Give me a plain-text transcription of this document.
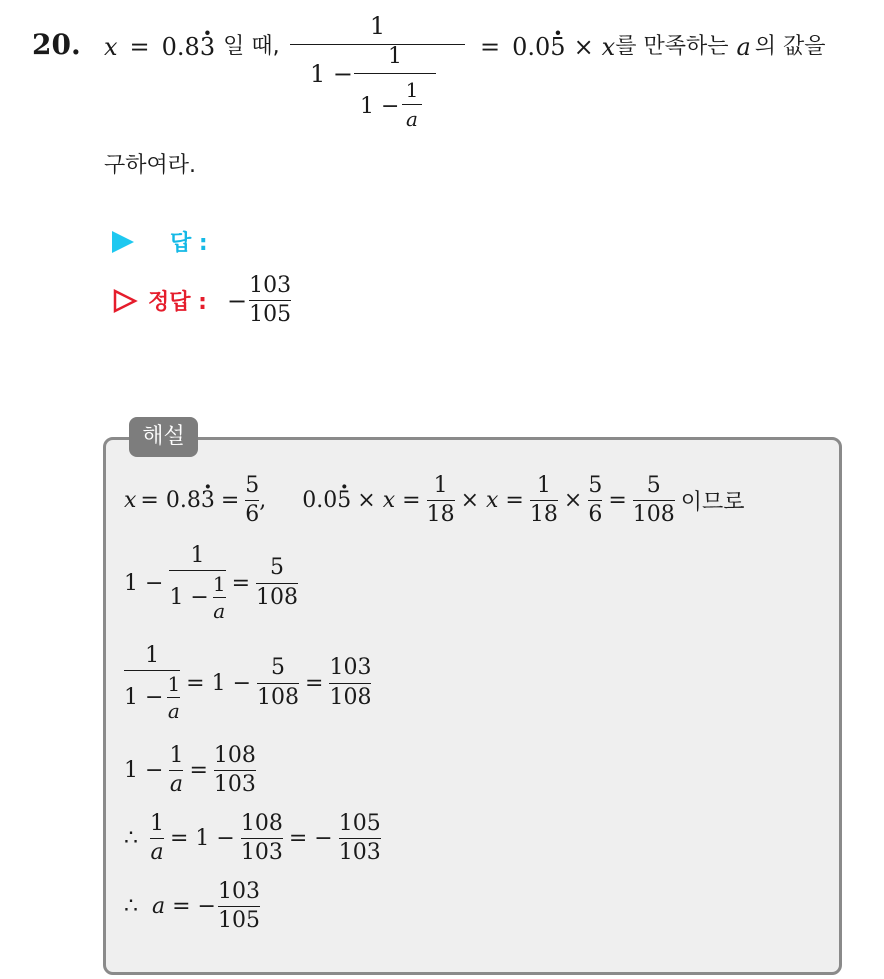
20. x = 0.8
· 3 일 때,
1
1 −
1
1 −
1
a
= 0.0
· 5 × x 를 만족하는 a 의 값을
구하여라.
답 :
정답 : − $\frac{103}{105}$
해설
x = 0.8
· $3 = \frac{5}{6}$ , 0.0
· $5 \times x = \frac{1}{18} \times x = \frac{1}{18} \times \frac{5}{6} = \frac{5}{108}$ 이므로
$1 - \frac{1}{1 - \frac{1}{a}} = \frac{5}{108}$
$\frac{1}{1 - \frac{1}{a}} = 1 - \frac{5}{108} = \frac{103}{108}$
$1 - \frac{1}{a} = \frac{108}{103}$
∴ $\frac{1}{a} = 1 - \frac{108}{103}$ = − $\frac{105}{103}$
∴ a = − $\frac{103}{105}$
